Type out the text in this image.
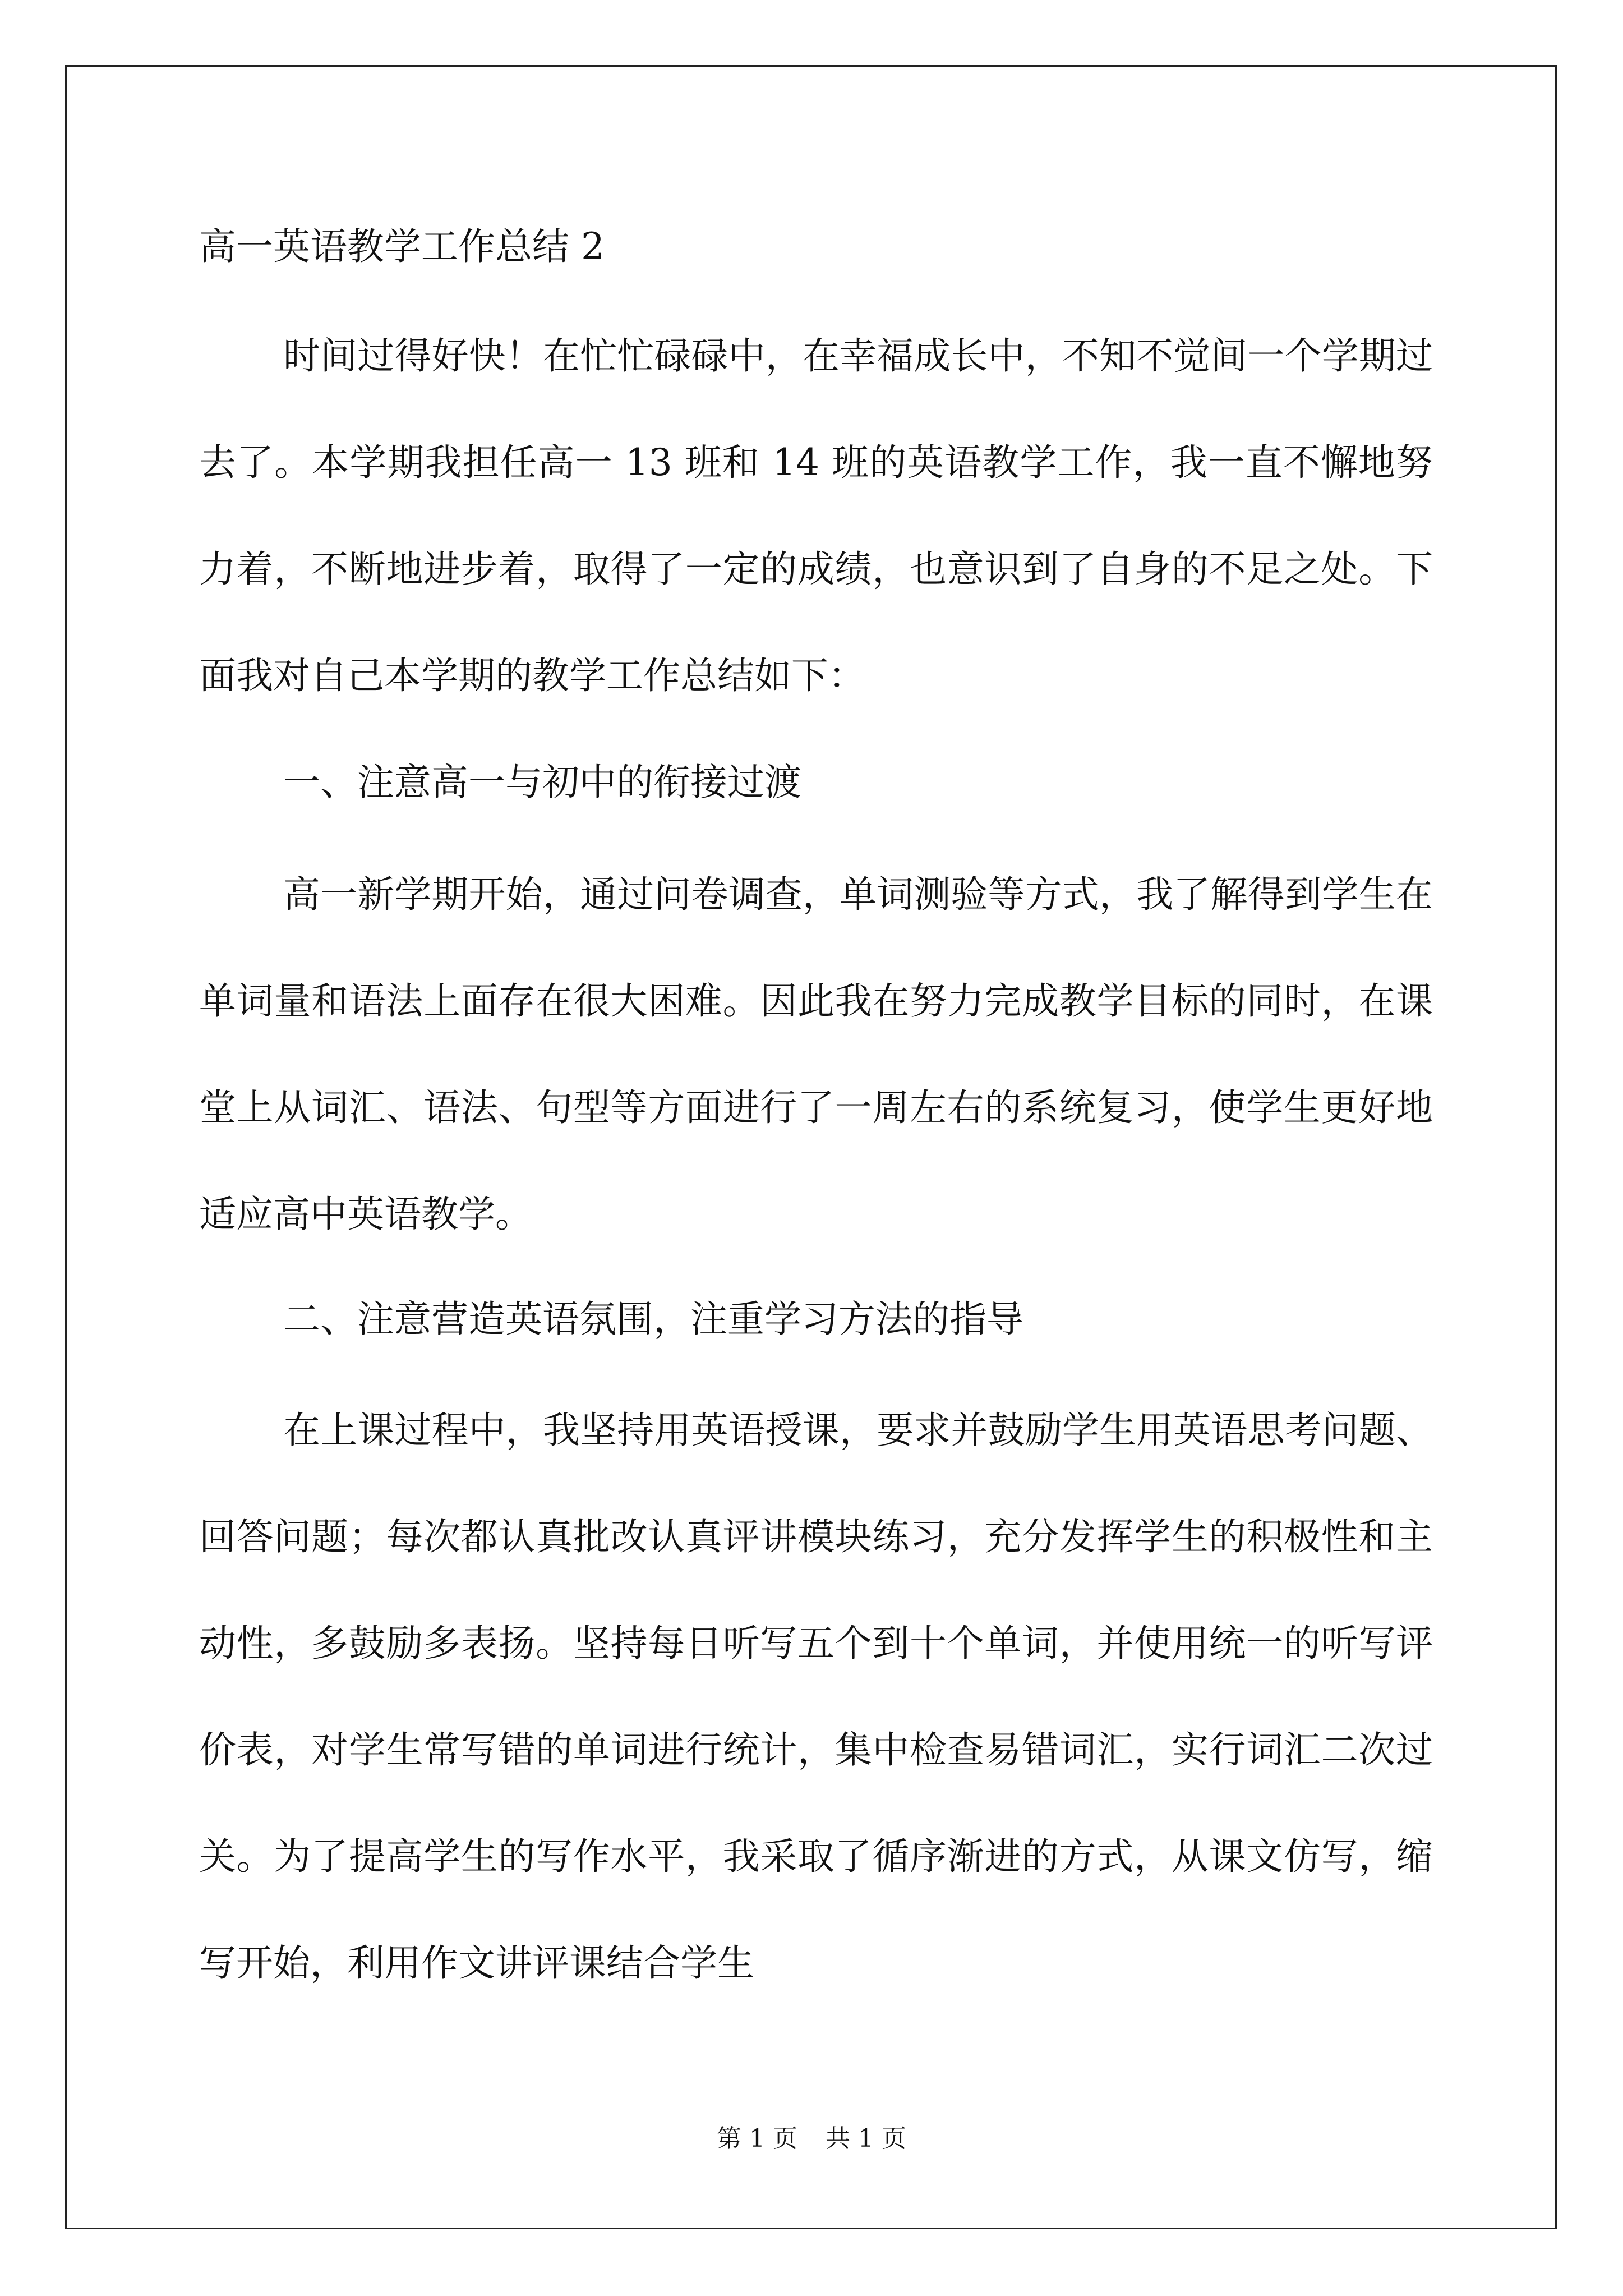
高一英语教学工作总结 2

时间过得好快！在忙忙碌碌中，在幸福成长中，不知不觉间一个学期过去了。本学期我担任高一 13 班和 14 班的英语教学工作，我一直不懈地努力着，不断地进步着，取得了一定的成绩，也意识到了自身的不足之处。下面我对自己本学期的教学工作总结如下：

一、注意高一与初中的衔接过渡

高一新学期开始，通过问卷调查，单词测验等方式，我了解得到学生在单词量和语法上面存在很大困难。因此我在努力完成教学目标的同时，在课堂上从词汇、语法、句型等方面进行了一周左右的系统复习，使学生更好地适应高中英语教学。

二、注意营造英语氛围，注重学习方法的指导

在上课过程中，我坚持用英语授课，要求并鼓励学生用英语思考问题、回答问题；每次都认真批改认真评讲模块练习，充分发挥学生的积极性和主动性，多鼓励多表扬。坚持每日听写五个到十个单词，并使用统一的听写评价表，对学生常写错的单词进行统计，集中检查易错词汇，实行词汇二次过关。为了提高学生的写作水平，我采取了循序渐进的方式，从课文仿写，缩写开始，利用作文讲评课结合学生

第 1 页 共 1 页
